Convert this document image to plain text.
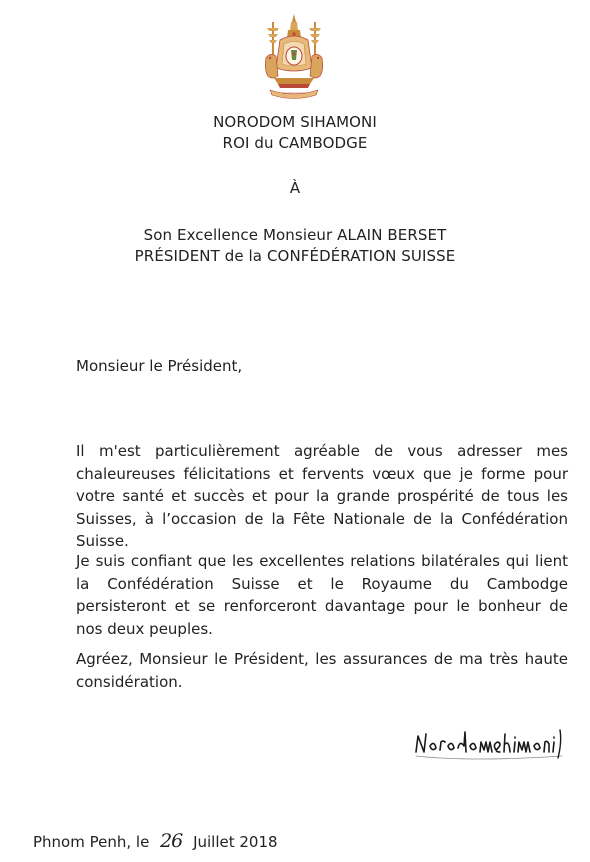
NORODOM SIHAMONI
ROI du CAMBODGE
À
Son Excellence Monsieur ALAIN BERSET
PRÉSIDENT de la CONFÉDÉRATION SUISSE
Monsieur le Président,
Il m'est particulièrement agréable de vous adresser mes chaleureuses félicitations et fervents vœux que je forme pour votre santé et succès et pour la grande prospérité de tous les Suisses, à l’occasion de la Fête Nationale de la Confédération Suisse.
Je suis confiant que les excellentes relations bilatérales qui lient la Confédération Suisse et le Royaume du Cambodge persisteront et se renforceront davantage pour le bonheur de nos deux peuples.
Agréez, Monsieur le Président, les assurances de ma très haute considération.
Phnom Penh, le 26 Juillet 2018
